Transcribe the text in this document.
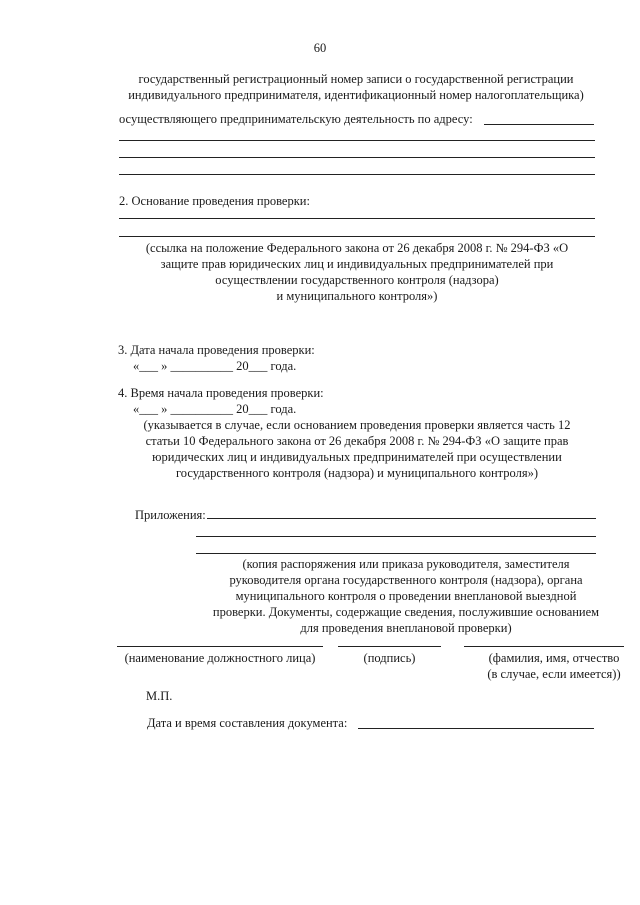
60
государственный регистрационный номер записи о государственной регистрации
индивидуального предпринимателя, идентификационный номер налогоплательщика)
осуществляющего предпринимательскую деятельность по адресу:
2. Основание проведения проверки:
(ссылка на положение Федерального закона от 26 декабря 2008 г. № 294-ФЗ «О
защите прав юридических лиц и индивидуальных предпринимателей при
осуществлении государственного контроля (надзора)
и муниципального контроля»)
3. Дата начала проведения проверки:
«___ » __________ 20___ года.
4. Время начала проведения проверки:
«___ » __________ 20___ года.
(указывается в случае, если основанием проведения проверки является часть 12
статьи 10 Федерального закона от 26 декабря 2008 г. № 294-ФЗ «О защите прав
юридических лиц и индивидуальных предпринимателей при осуществлении
государственного контроля (надзора) и муниципального контроля»)
Приложения:
(копия распоряжения или приказа руководителя, заместителя
руководителя органа государственного контроля (надзора), органа
муниципального контроля о проведении внеплановой выездной
проверки. Документы, содержащие сведения, послужившие основанием
для проведения внеплановой проверки)
(наименование должностного лица)	(подпись)	(фамилия, имя, отчество
(в случае, если имеется))
М.П.
Дата и время составления документа:
